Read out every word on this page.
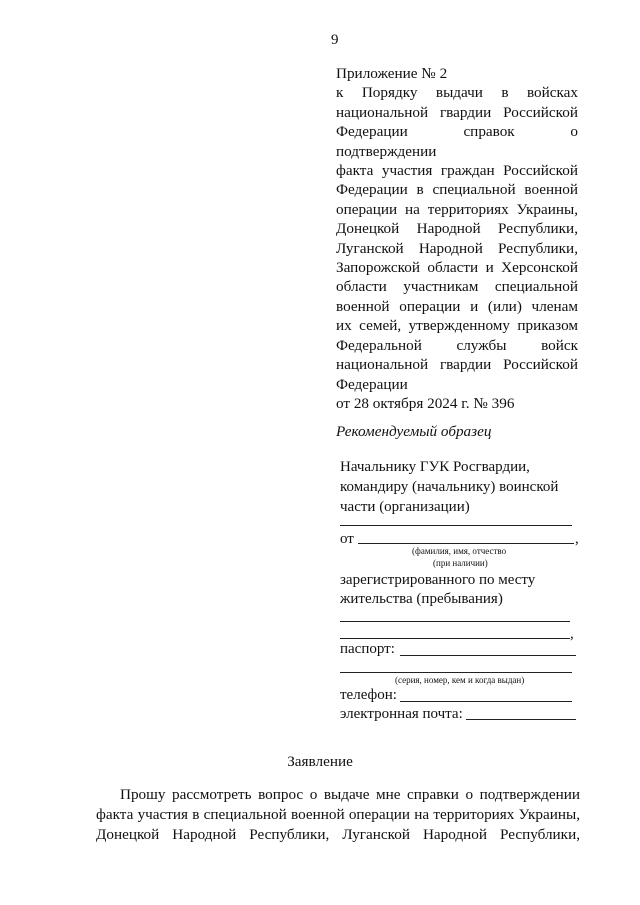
9
Приложение № 2
к Порядку выдачи в войсках
национальной гвардии Российской
Федерации справок о подтверждении
факта участия граждан Российской
Федерации в специальной военной
операции на территориях Украины,
Донецкой Народной Республики,
Луганской Народной Республики,
Запорожской области и Херсонской
области участникам специальной
военной операции и (или) членам
их семей, утвержденному приказом
Федеральной службы войск
национальной гвардии Российской
Федерации
от 28 октября 2024 г. № 396
Рекомендуемый образец
Начальнику ГУК Росгвардии,
командиру (начальнику) воинской
части (организации)
от	,
(фамилия, имя, отчество
(при наличии)
зарегистрированного по месту
жительства (пребывания)
,
паспорт:
(серия, номер, кем и когда выдан)
телефон:
электронная почта:
Заявление
Прошу рассмотреть вопрос о выдаче мне справки о подтверждении
факта участия в специальной военной операции на территориях Украины,
Донецкой Народной Республики, Луганской Народной Республики,
